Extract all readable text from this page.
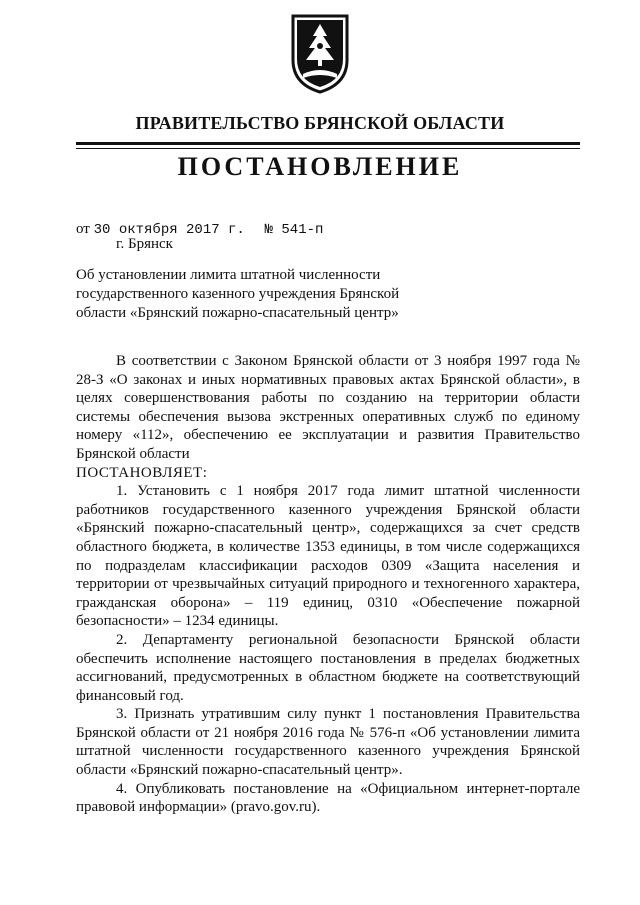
ПРАВИТЕЛЬСТВО БРЯНСКОЙ ОБЛАСТИ
ПОСТАНОВЛЕНИЕ
от 30 октября 2017 г. № 541-п
г. Брянск
Об установлении лимита штатной численности государственного казенного учреждения Брянской области «Брянский пожарно-спасательный центр»

В соответствии с Законом Брянской области от 3 ноября 1997 года № 28-З «О законах и иных нормативных правовых актах Брянской области», в целях совершенствования работы по созданию на территории области системы обеспечения вызова экстренных оперативных служб по единому номеру «112», обеспечению ее эксплуатации и развития Правительство Брянской области

ПОСТАНОВЛЯЕТ:

1. Установить с 1 ноября 2017 года лимит штатной численности работников государственного казенного учреждения Брянской области «Брянский пожарно-спасательный центр», содержащихся за счет средств областного бюджета, в количестве 1353 единицы, в том числе содержащихся по подразделам классификации расходов 0309 «Защита населения и территории от чрезвычайных ситуаций природного и техногенного характера, гражданская оборона» – 119 единиц, 0310 «Обеспечение пожарной безопасности» – 1234 единицы.

2. Департаменту региональной безопасности Брянской области обеспечить исполнение настоящего постановления в пределах бюджетных ассигнований, предусмотренных в областном бюджете на соответствующий финансовый год.

3. Признать утратившим силу пункт 1 постановления Правительства Брянской области от 21 ноября 2016 года № 576-п «Об установлении лимита штатной численности государственного казенного учреждения Брянской области «Брянский пожарно-спасательный центр».

4. Опубликовать постановление на «Официальном интернет-портале правовой информации» (pravo.gov.ru).
